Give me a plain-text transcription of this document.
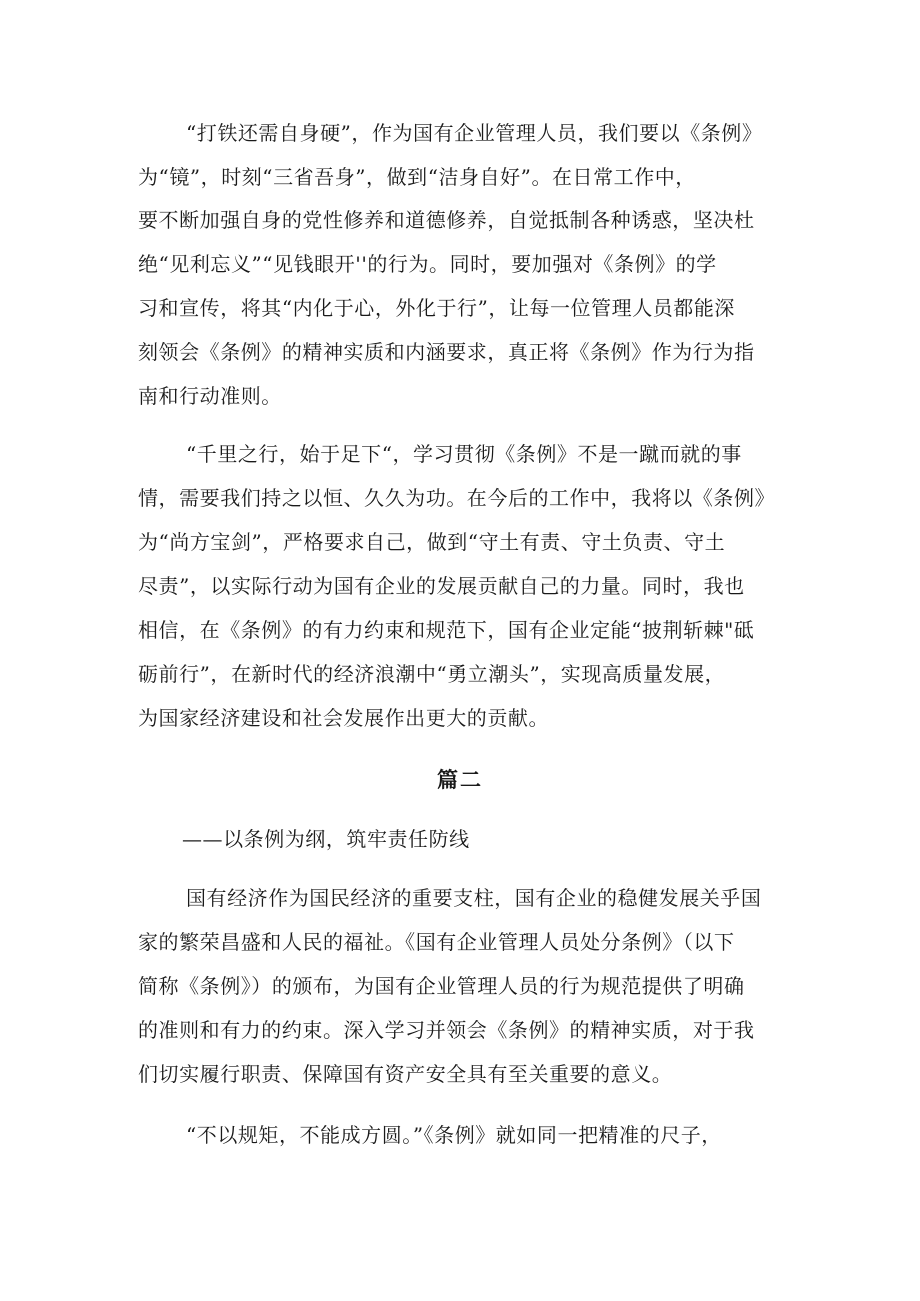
“打铁还需自身硬”，作为国有企业管理人员，我们要以《条例》
为“镜”，时刻“三省吾身”，做到“洁身自好”。在日常工作中，
要不断加强自身的党性修养和道德修养，自觉抵制各种诱惑，坚决杜
绝“见利忘义”“见钱眼开''的行为。同时，要加强对《条例》的学
习和宣传，将其“内化于心，外化于行”，让每一位管理人员都能深
刻领会《条例》的精神实质和内涵要求，真正将《条例》作为行为指
南和行动准则。
“千里之行，始于足下“，学习贯彻《条例》不是一蹴而就的事
情，需要我们持之以恒、久久为功。在今后的工作中，我将以《条例》
为“尚方宝剑”，严格要求自己，做到“守土有责、守土负责、守土
尽责”，以实际行动为国有企业的发展贡献自己的力量。同时，我也
相信，在《条例》的有力约束和规范下，国有企业定能“披荆斩棘"砥
砺前行”，在新时代的经济浪潮中“勇立潮头”，实现高质量发展，
为国家经济建设和社会发展作出更大的贡献。
篇二
——以条例为纲，筑牢责任防线
国有经济作为国民经济的重要支柱，国有企业的稳健发展关乎国
家的繁荣昌盛和人民的福祉。《国有企业管理人员处分条例》（以下
简称《条例》）的颁布，为国有企业管理人员的行为规范提供了明确
的准则和有力的约束。深入学习并领会《条例》的精神实质，对于我
们切实履行职责、保障国有资产安全具有至关重要的意义。
“不以规矩，不能成方圆。”《条例》就如同一把精准的尺子，
